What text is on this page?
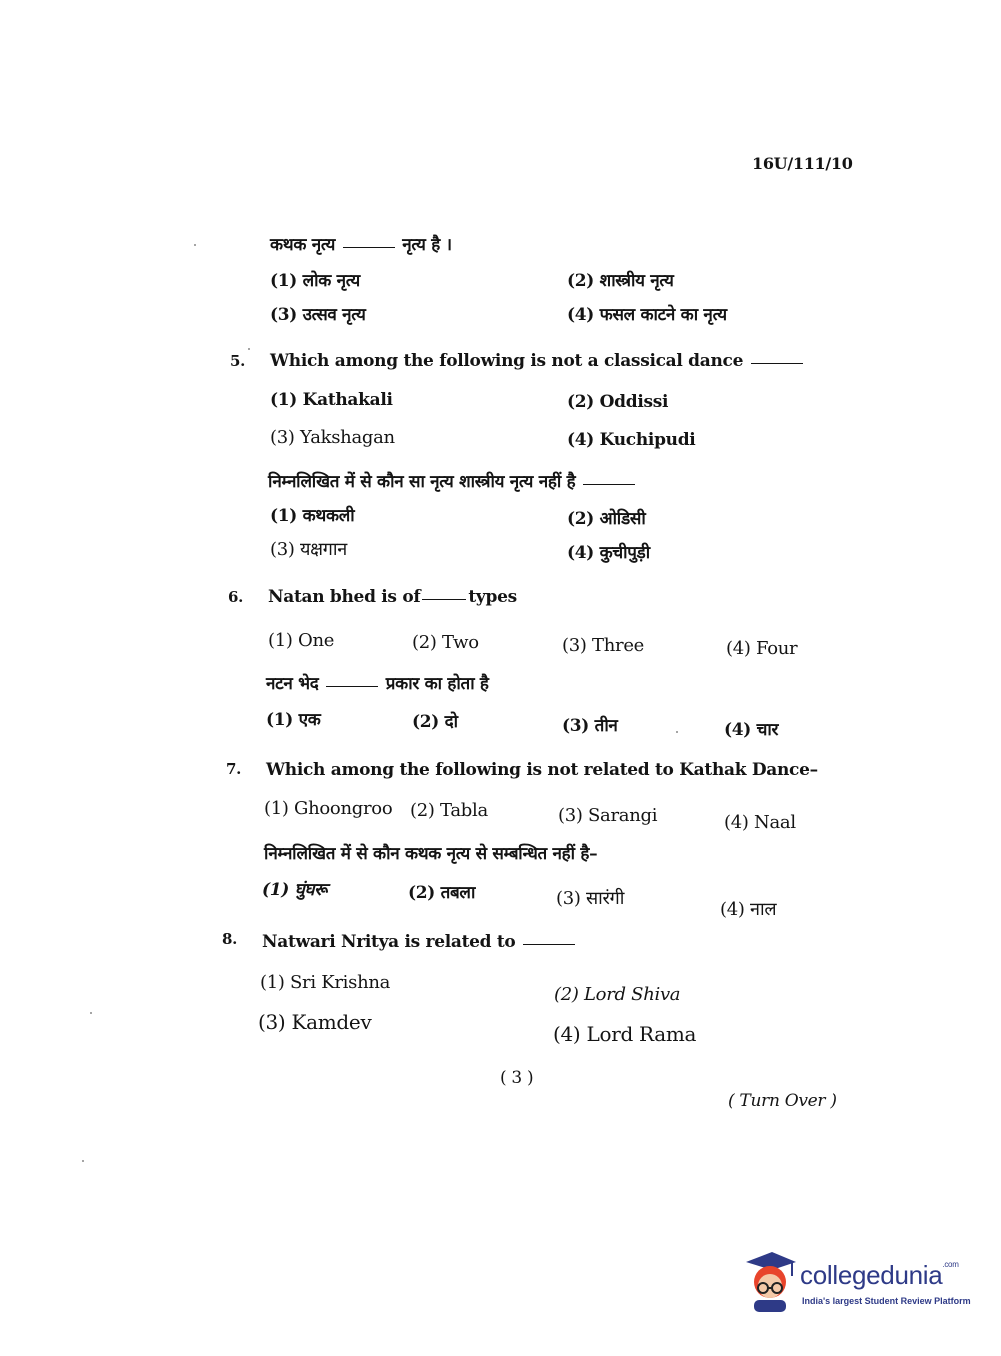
16U/111/10
कथक नृत्य	नृत्य है ।
(1) लोक नृत्य	(2) शास्त्रीय नृत्य
(3) उत्सव नृत्य	(4) फसल काटने का नृत्य
5. Which among the following is not a classical dance
(1) Kathakali	(2) Oddissi
(3) Yakshagan	(4) Kuchipudi
निम्नलिखित में से कौन सा नृत्य शास्त्रीय नृत्य नहीं है
(1) कथकली	(2) ओडिसी
(3) यक्षगान	(4) कुचीपुड़ी
6. Natan bhed is of	types
(1) One	(2) Two	(3) Three	(4) Four
नटन भेद	प्रकार का होता है
(1) एक	(2) दो	(3) तीन	(4) चार
7. Which among the following is not related to Kathak Dance–
(1) Ghoongroo (2) Tabla	(3) Sarangi	(4) Naal
निम्नलिखित में से कौन कथक नृत्य से सम्बन्धित नहीं है–
(1) घुंघरू	(2) तबला	(3) सारंगी
(4) नाल
8. Natwari Nritya is related to
(1) Sri Krishna
(2) Lord Shiva
(3) Kamdev	(4) Lord Rama
( 3 )
( Turn Over )
collegedunia$^{.com}$
India's largest Student Review Platform
